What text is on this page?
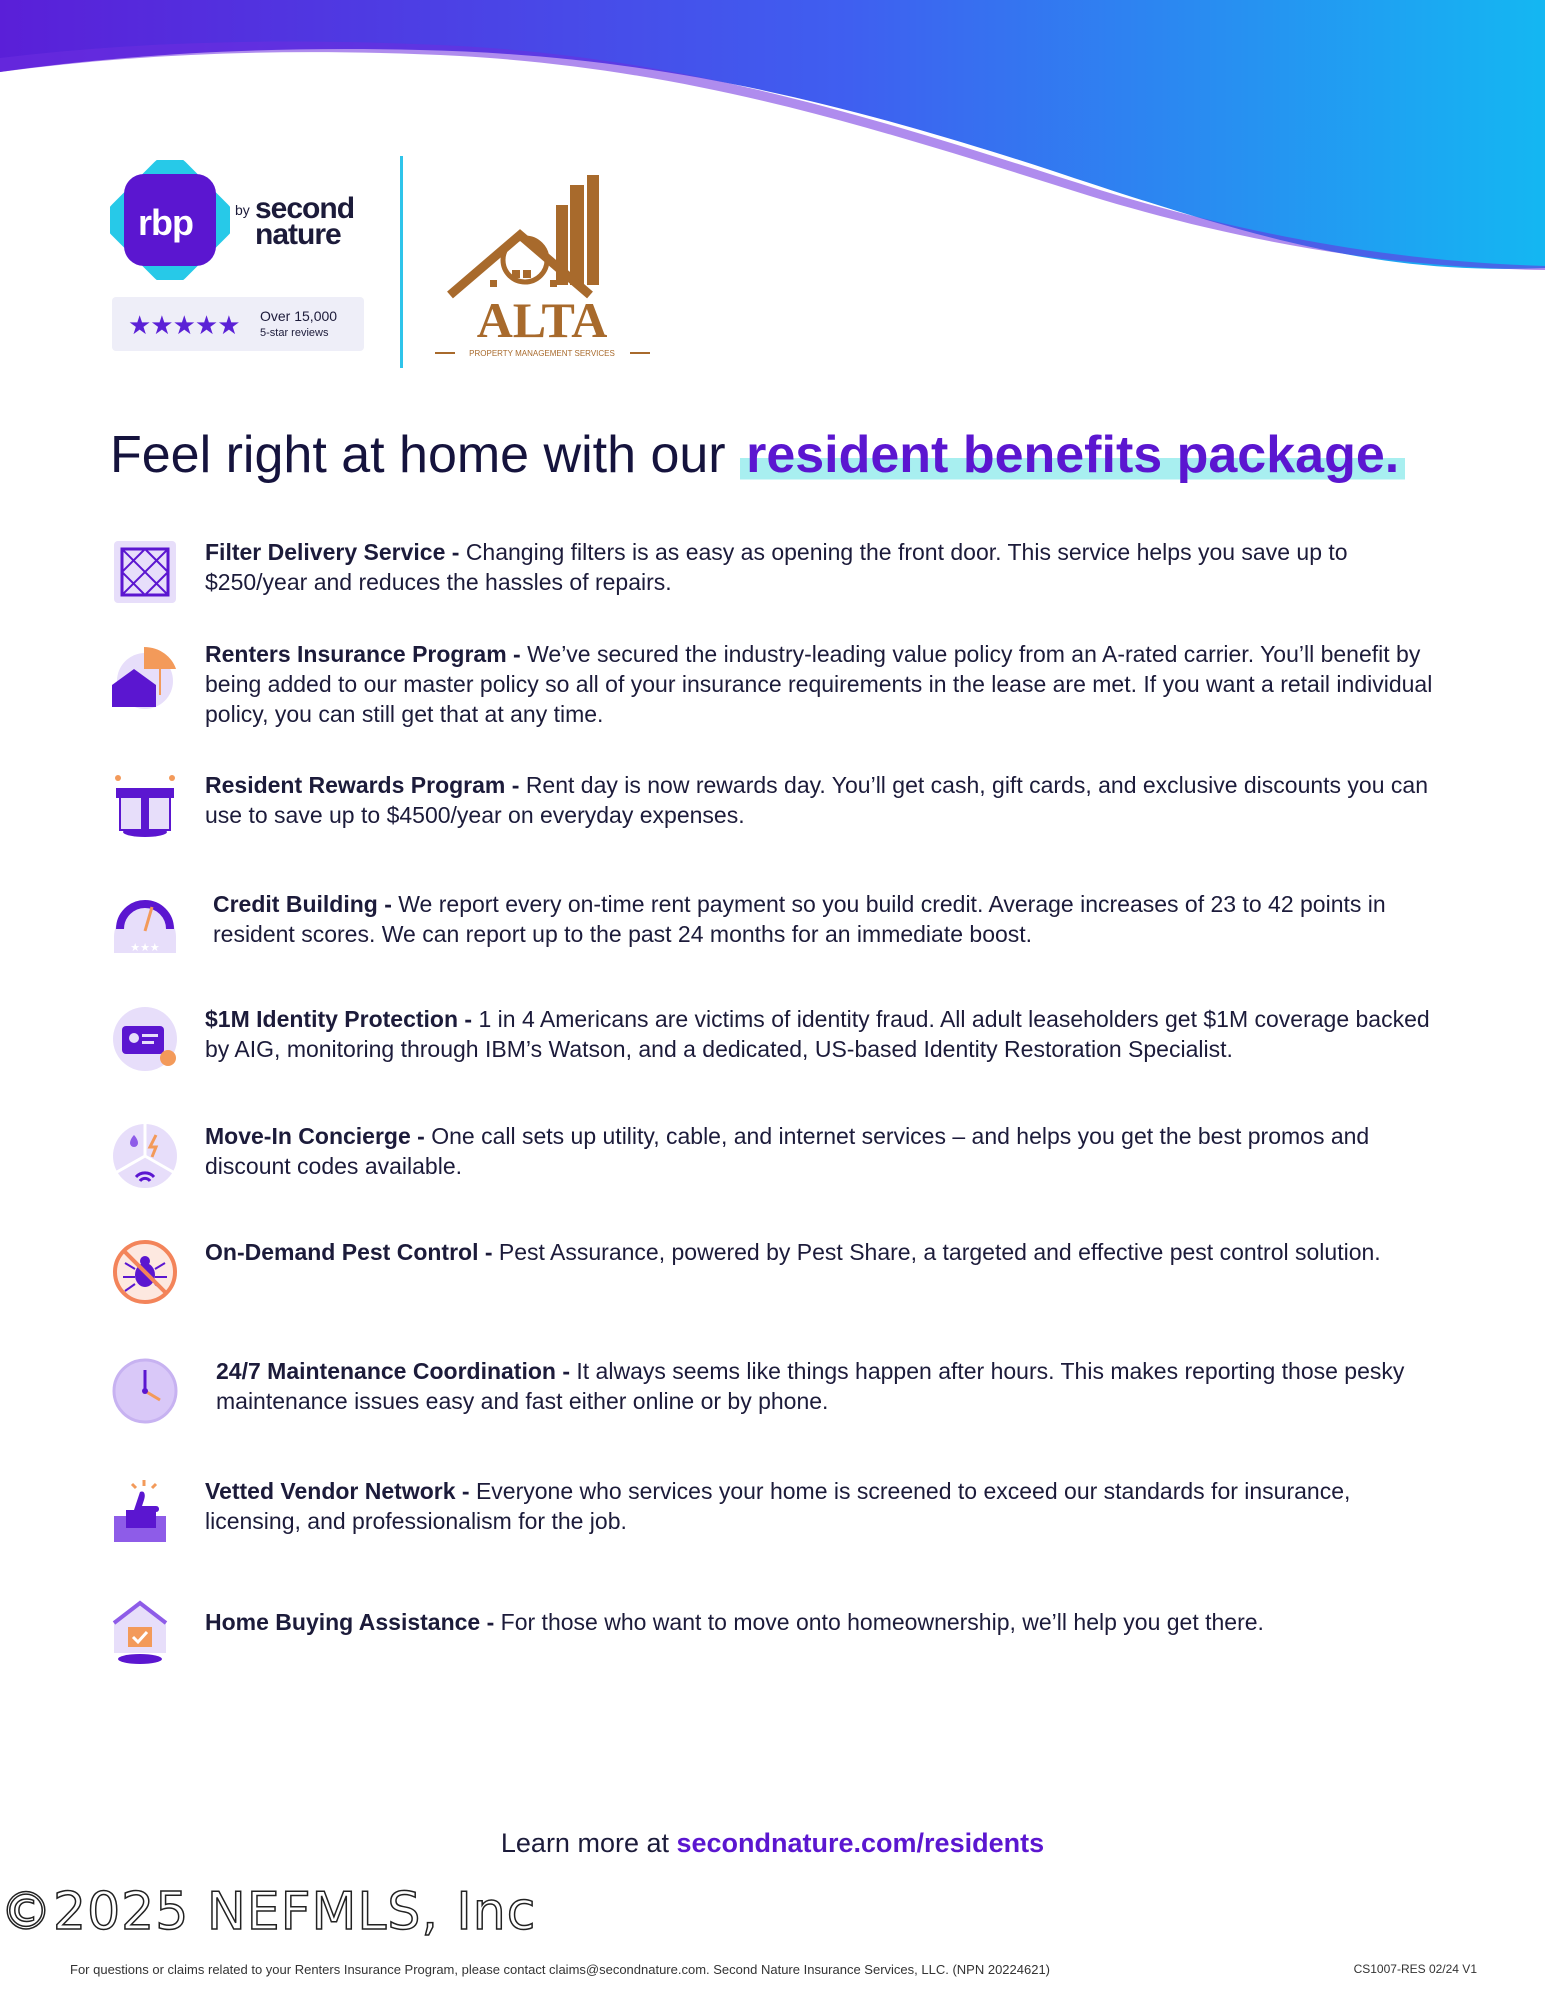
rbp	by second nature
★★★★★ Over 15,000
5-star reviews	ALTA
PROPERTY MANAGEMENT SERVICES
Feel right at home with our resident benefits package.
Filter Delivery Service - Changing filters is as easy as opening the front door. This service helps you save up to $250/year and reduces the hassles of repairs.
Renters Insurance Program - We’ve secured the industry-leading value policy from an A-rated carrier. You’ll benefit by being added to our master policy so all of your insurance requirements in the lease are met. If you want a retail individual policy, you can still get that at any time.
Resident Rewards Program - Rent day is now rewards day. You’ll get cash, gift cards, and exclusive discounts you can use to save up to $4500/year on everyday expenses.
★★★
Credit Building - We report every on-time rent payment so you build credit. Average increases of 23 to 42 points in resident scores. We can report up to the past 24 months for an immediate boost.
$1M Identity Protection - 1 in 4 Americans are victims of identity fraud. All adult leaseholders get $1M coverage backed by AIG, monitoring through IBM’s Watson, and a dedicated, US-based Identity Restoration Specialist.
Move-In Concierge - One call sets up utility, cable, and internet services – and helps you get the best promos and discount codes available.
On-Demand Pest Control - Pest Assurance, powered by Pest Share, a targeted and effective pest control solution.
24/7 Maintenance Coordination - It always seems like things happen after hours. This makes reporting those pesky maintenance issues easy and fast either online or by phone.
Vetted Vendor Network - Everyone who services your home is screened to exceed our standards for insurance, licensing, and professionalism for the job.
Home Buying Assistance - For those who want to move onto homeownership, we’ll help you get there.
Learn more at secondnature.com/residents
©2025 NEFMLS, Inc
For questions or claims related to your Renters Insurance Program, please contact claims@secondnature.com. Second Nature Insurance Services, LLC. (NPN 20224621)	CS1007-RES 02/24 V1
